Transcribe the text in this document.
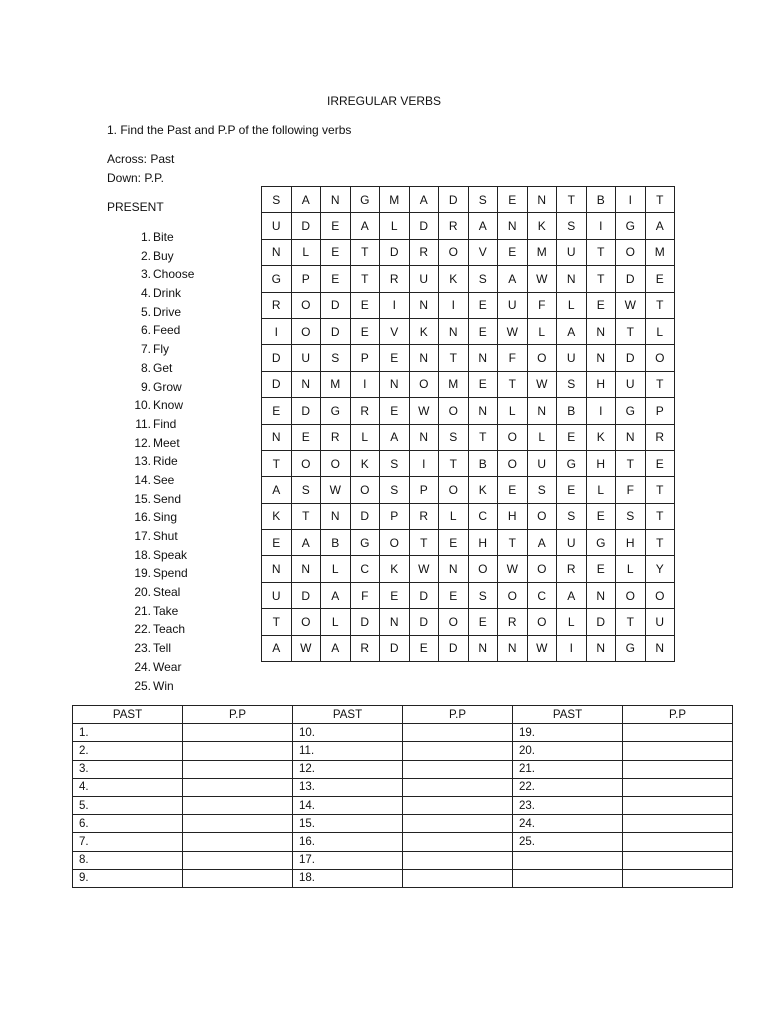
IRREGULAR VERBS
1. Find the Past and P.P of the following verbs
Across: Past
Down: P.P.
PRESENT
1. Bite
2. Buy
3. Choose
4. Drink
5. Drive
6. Feed
7. Fly
8. Get
9. Grow
10. Know
11. Find
12. Meet
13. Ride
14. See
15. Send
16. Sing
17. Shut
18. Speak
19. Spend
20. Steal
21. Take
22. Teach
23. Tell
24. Wear
25. Win
S	A	N	G	M	A	D	S	E	N	T	B	I	T
U	D	E	A	L	D	R	A	N	K	S	I	G	A
N	L	E	T	D	R	O	V	E	M	U	T	O	M
G	P	E	T	R	U	K	S	A	W	N	T	D	E
R	O	D	E	I	N	I	E	U	F	L	E	W	T
I	O	D	E	V	K	N	E	W	L	A	N	T	L
D	U	S	P	E	N	T	N	F	O	U	N	D	O
D	N	M	I	N	O	M	E	T	W	S	H	U	T
E	D	G	R	E	W	O	N	L	N	B	I	G	P
N	E	R	L	A	N	S	T	O	L	E	K	N	R
T	O	O	K	S	I	T	B	O	U	G	H	T	E
A	S	W	O	S	P	O	K	E	S	E	L	F	T
K	T	N	D	P	R	L	C	H	O	S	E	S	T
E	A	B	G	O	T	E	H	T	A	U	G	H	T
N	N	L	C	K	W	N	O	W	O	R	E	L	Y
U	D	A	F	E	D	E	S	O	C	A	N	O	O
T	O	L	D	N	D	O	E	R	O	L	D	T	U
A	W	A	R	D	E	D	N	N	W	I	N	G	N
PAST	P.P	PAST	P.P	PAST	P.P
1.		10.		19.	
2.		11.		20.	
3.		12.		21.	
4.		13.		22.	
5.		14.		23.	
6.		15.		24.	
7.		16.		25.	
8.		17.			
9.		18.			
